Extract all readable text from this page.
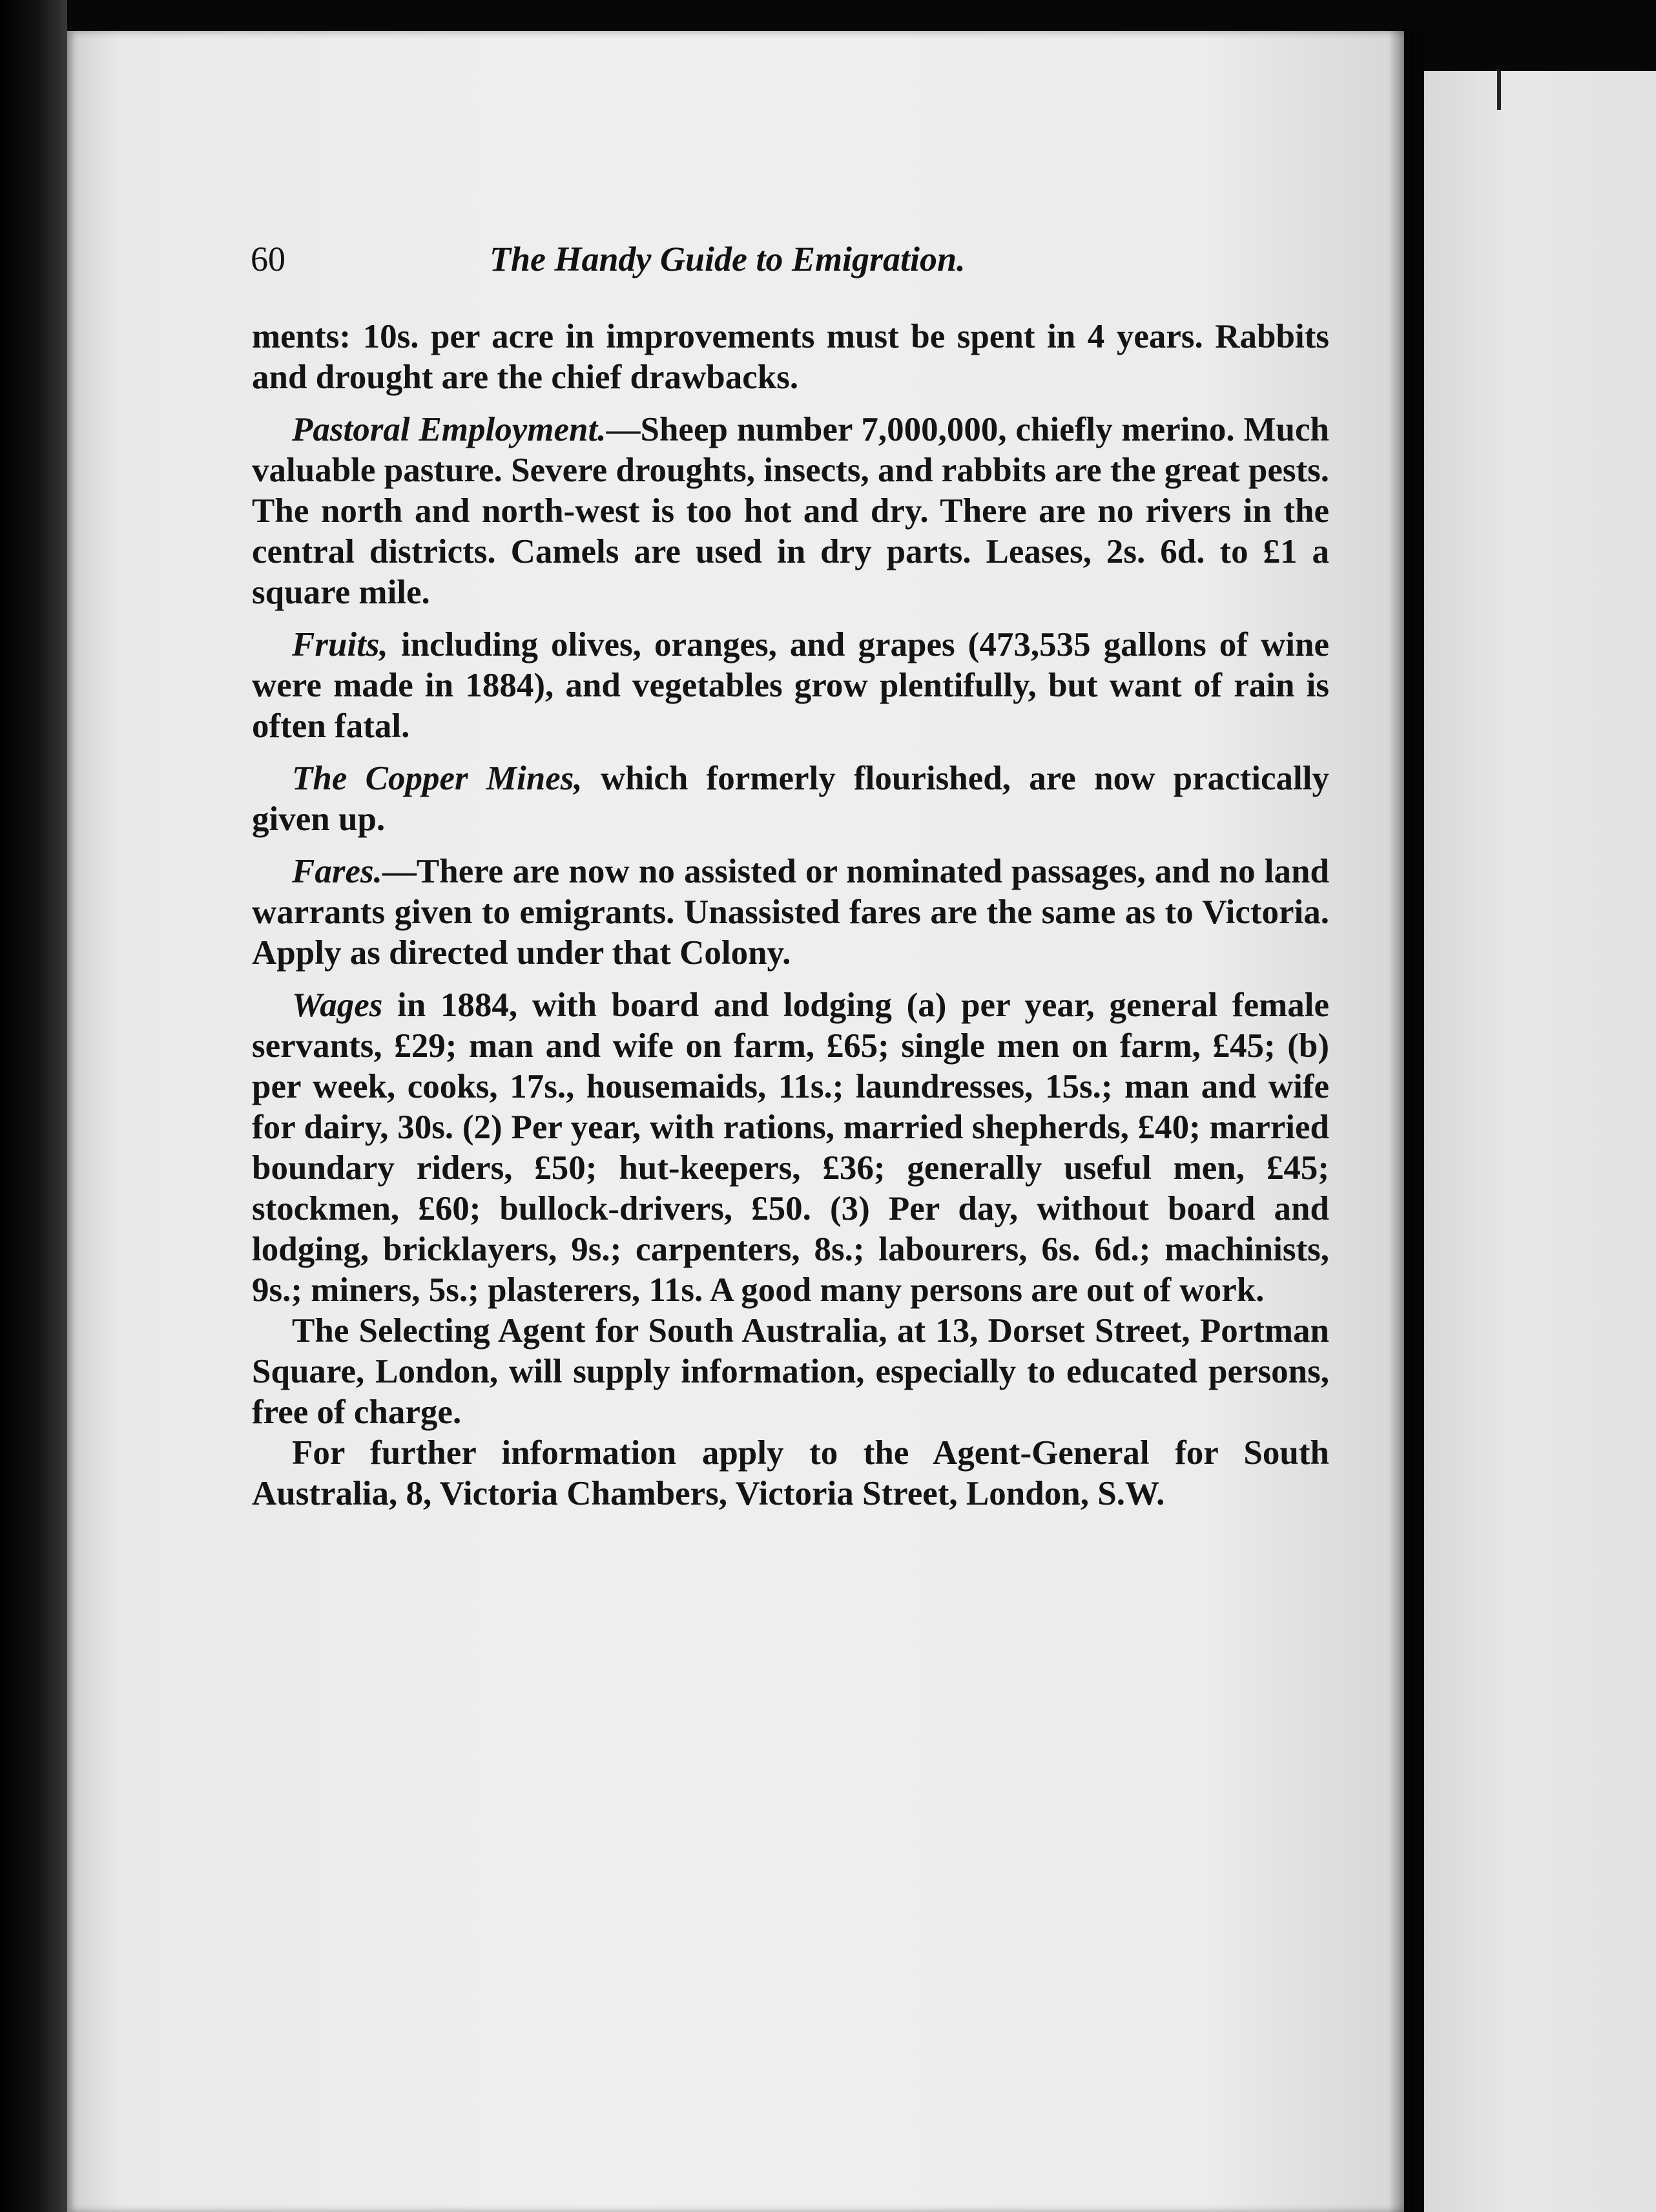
60	The Handy Guide to Emigration.

ments: 10s. per acre in improvements must be spent in 4 years. Rabbits and drought are the chief drawbacks.

Pastoral Employment.—Sheep number 7,000,000, chiefly merino. Much valuable pasture. Severe droughts, insects, and rabbits are the great pests. The north and north-west is too hot and dry. There are no rivers in the central districts. Camels are used in dry parts. Leases, 2s. 6d. to £1 a square mile.

Fruits, including olives, oranges, and grapes (473,535 gallons of wine were made in 1884), and vegetables grow plentifully, but want of rain is often fatal.

The Copper Mines, which formerly flourished, are now practically given up.

Fares.—There are now no assisted or nominated passages, and no land warrants given to emigrants. Unassisted fares are the same as to Victoria. Apply as directed under that Colony.

Wages in 1884, with board and lodging (a) per year, general female servants, £29; man and wife on farm, £65; single men on farm, £45; (b) per week, cooks, 17s., housemaids, 11s.; laundresses, 15s.; man and wife for dairy, 30s. (2) Per year, with rations, married shepherds, £40; married boundary riders, £50; hut-keepers, £36; generally useful men, £45; stockmen, £60; bullock-drivers, £50. (3) Per day, without board and lodging, bricklayers, 9s.; carpenters, 8s.; labourers, 6s. 6d.; machinists, 9s.; miners, 5s.; plasterers, 11s. A good many persons are out of work.

The Selecting Agent for South Australia, at 13, Dorset Street, Portman Square, London, will supply information, especially to educated persons, free of charge.

For further information apply to the Agent-General for South Australia, 8, Victoria Chambers, Victoria Street, London, S.W.
